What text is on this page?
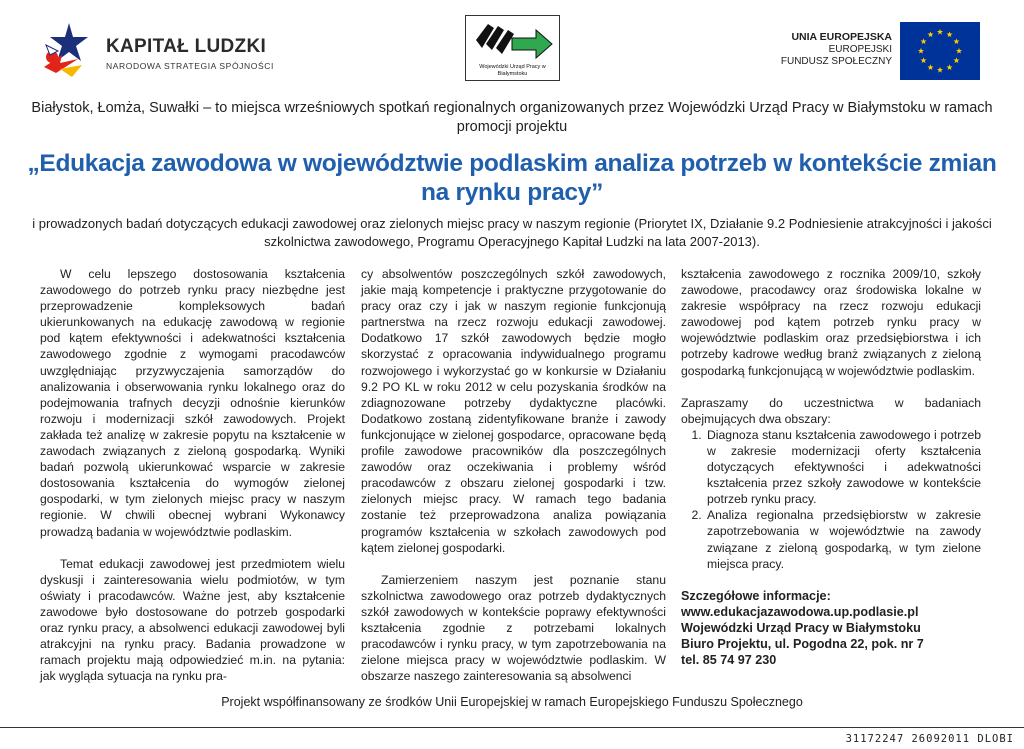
KAPITAŁ LUDZKI
NARODOWA STRATEGIA SPÓJNOŚCI	Wojewódzki Urząd Pracy w Białymstoku
UNIA EUROPEJSKA
EUROPEJSKI
FUNDUSZ SPOŁECZNY
Białystok, Łomża, Suwałki – to miejsca wrześniowych spotkań regionalnych organizowanych przez Wojewódzki Urząd Pracy w Białymstoku w ramach promocji projektu
„Edukacja zawodowa w województwie podlaskim analiza potrzeb w kontekście zmian na rynku pracy”
i prowadzonych badań dotyczących edukacji zawodowej oraz zielonych miejsc pracy w naszym regionie (Priorytet IX, Działanie 9.2 Podniesienie atrakcyjności i jakości szkolnictwa zawodowego, Programu Operacyjnego Kapitał Ludzki na lata 2007-2013).

W celu lepszego dostosowania kształcenia zawodowego do potrzeb rynku pracy niezbędne jest przeprowadzenie kompleksowych badań ukierunkowanych na edukację zawodową w regionie pod kątem efektywności i adekwatności kształcenia zawodowego zgodnie z wymogami pracodawców uwzględniając przyzwyczajenia samorządów do analizowania i obserwowania rynku lokalnego oraz do podejmowania trafnych decyzji odnośnie kierunków rozwoju i modernizacji szkół zawodowych. Projekt zakłada też analizę w zakresie popytu na kształcenie w zawodach związanych z zieloną gospodarką. Wyniki badań pozwolą ukierunkować wsparcie w zakresie dostosowania kształcenia do wymogów zielonej gospodarki, w tym zielonych miejsc pracy w naszym regionie. W chwili obecnej wybrani Wykonawcy prowadzą badania w województwie podlaskim.

Temat edukacji zawodowej jest przedmiotem wielu dyskusji i zainteresowania wielu podmiotów, w tym oświaty i pracodawców. Ważne jest, aby kształcenie zawodowe było dostosowane do potrzeb gospodarki oraz rynku pracy, a absolwenci edukacji zawodowej byli atrakcyjni na rynku pracy. Badania prowadzone w ramach projektu mają odpowiedzieć m.in. na pytania: jak wygląda sytuacja na rynku pra-

cy absolwentów poszczególnych szkół zawodowych, jakie mają kompetencje i praktyczne przygotowanie do pracy oraz czy i jak w naszym regionie funkcjonują partnerstwa na rzecz rozwoju edukacji zawodowej. Dodatkowo 17 szkół zawodowych będzie mogło skorzystać z opracowania indywidualnego programu rozwojowego i wykorzystać go w konkursie w Działaniu 9.2 PO KL w roku 2012 w celu pozyskania środków na zdiagnozowane potrzeby dydaktyczne placówki. Dodatkowo zostaną zidentyfikowane branże i zawody funkcjonujące w zielonej gospodarce, opracowane będą profile zawodowe pracowników dla poszczególnych zawodów oraz oczekiwania i problemy wśród pracodawców z obszaru zielonej gospodarki i tzw. zielonych miejsc pracy. W ramach tego badania zostanie też przeprowadzona analiza powiązania programów kształcenia w szkołach zawodowych pod kątem zielonej gospodarki.

Zamierzeniem naszym jest poznanie stanu szkolnictwa zawodowego oraz potrzeb dydaktycznych szkół zawodowych w kontekście poprawy efektywności kształcenia zgodnie z potrzebami lokalnych pracodawców i rynku pracy, w tym zapotrzebowania na zielone miejsca pracy w województwie podlaskim. W obszarze naszego zainteresowania są absolwenci

kształcenia zawodowego z rocznika 2009/10, szkoły zawodowe, pracodawcy oraz środowiska lokalne w zakresie współpracy na rzecz rozwoju edukacji zawodowej pod kątem potrzeb rynku pracy w województwie podlaskim oraz przedsiębiorstwa i ich potrzeby kadrowe według branż związanych z zieloną gospodarką funkcjonującą w województwie podlaskim.

Zapraszamy do uczestnictwa w badaniach obejmujących dwa obszary:

1. Diagnoza stanu kształcenia zawodowego i potrzeb w zakresie modernizacji oferty kształcenia dotyczących efektywności i adekwatności kształcenia przez szkoły zawodowe w kontekście potrzeb rynku pracy.
2. Analiza regionalna przedsiębiorstw w zakresie zapotrzebowania w województwie na zawody związane z zieloną gospodarką, w tym zielone miejsca pracy.
Szczegółowe informacje:
www.edukacjazawodowa.up.podlasie.pl
Wojewódzki Urząd Pracy w Białymstoku
Biuro Projektu, ul. Pogodna 22, pok. nr 7
tel. 85 74 97 230
Projekt współfinansowany ze środków Unii Europejskiej w ramach Europejskiego Funduszu Społecznego
31172247 26092011 DLOBI
